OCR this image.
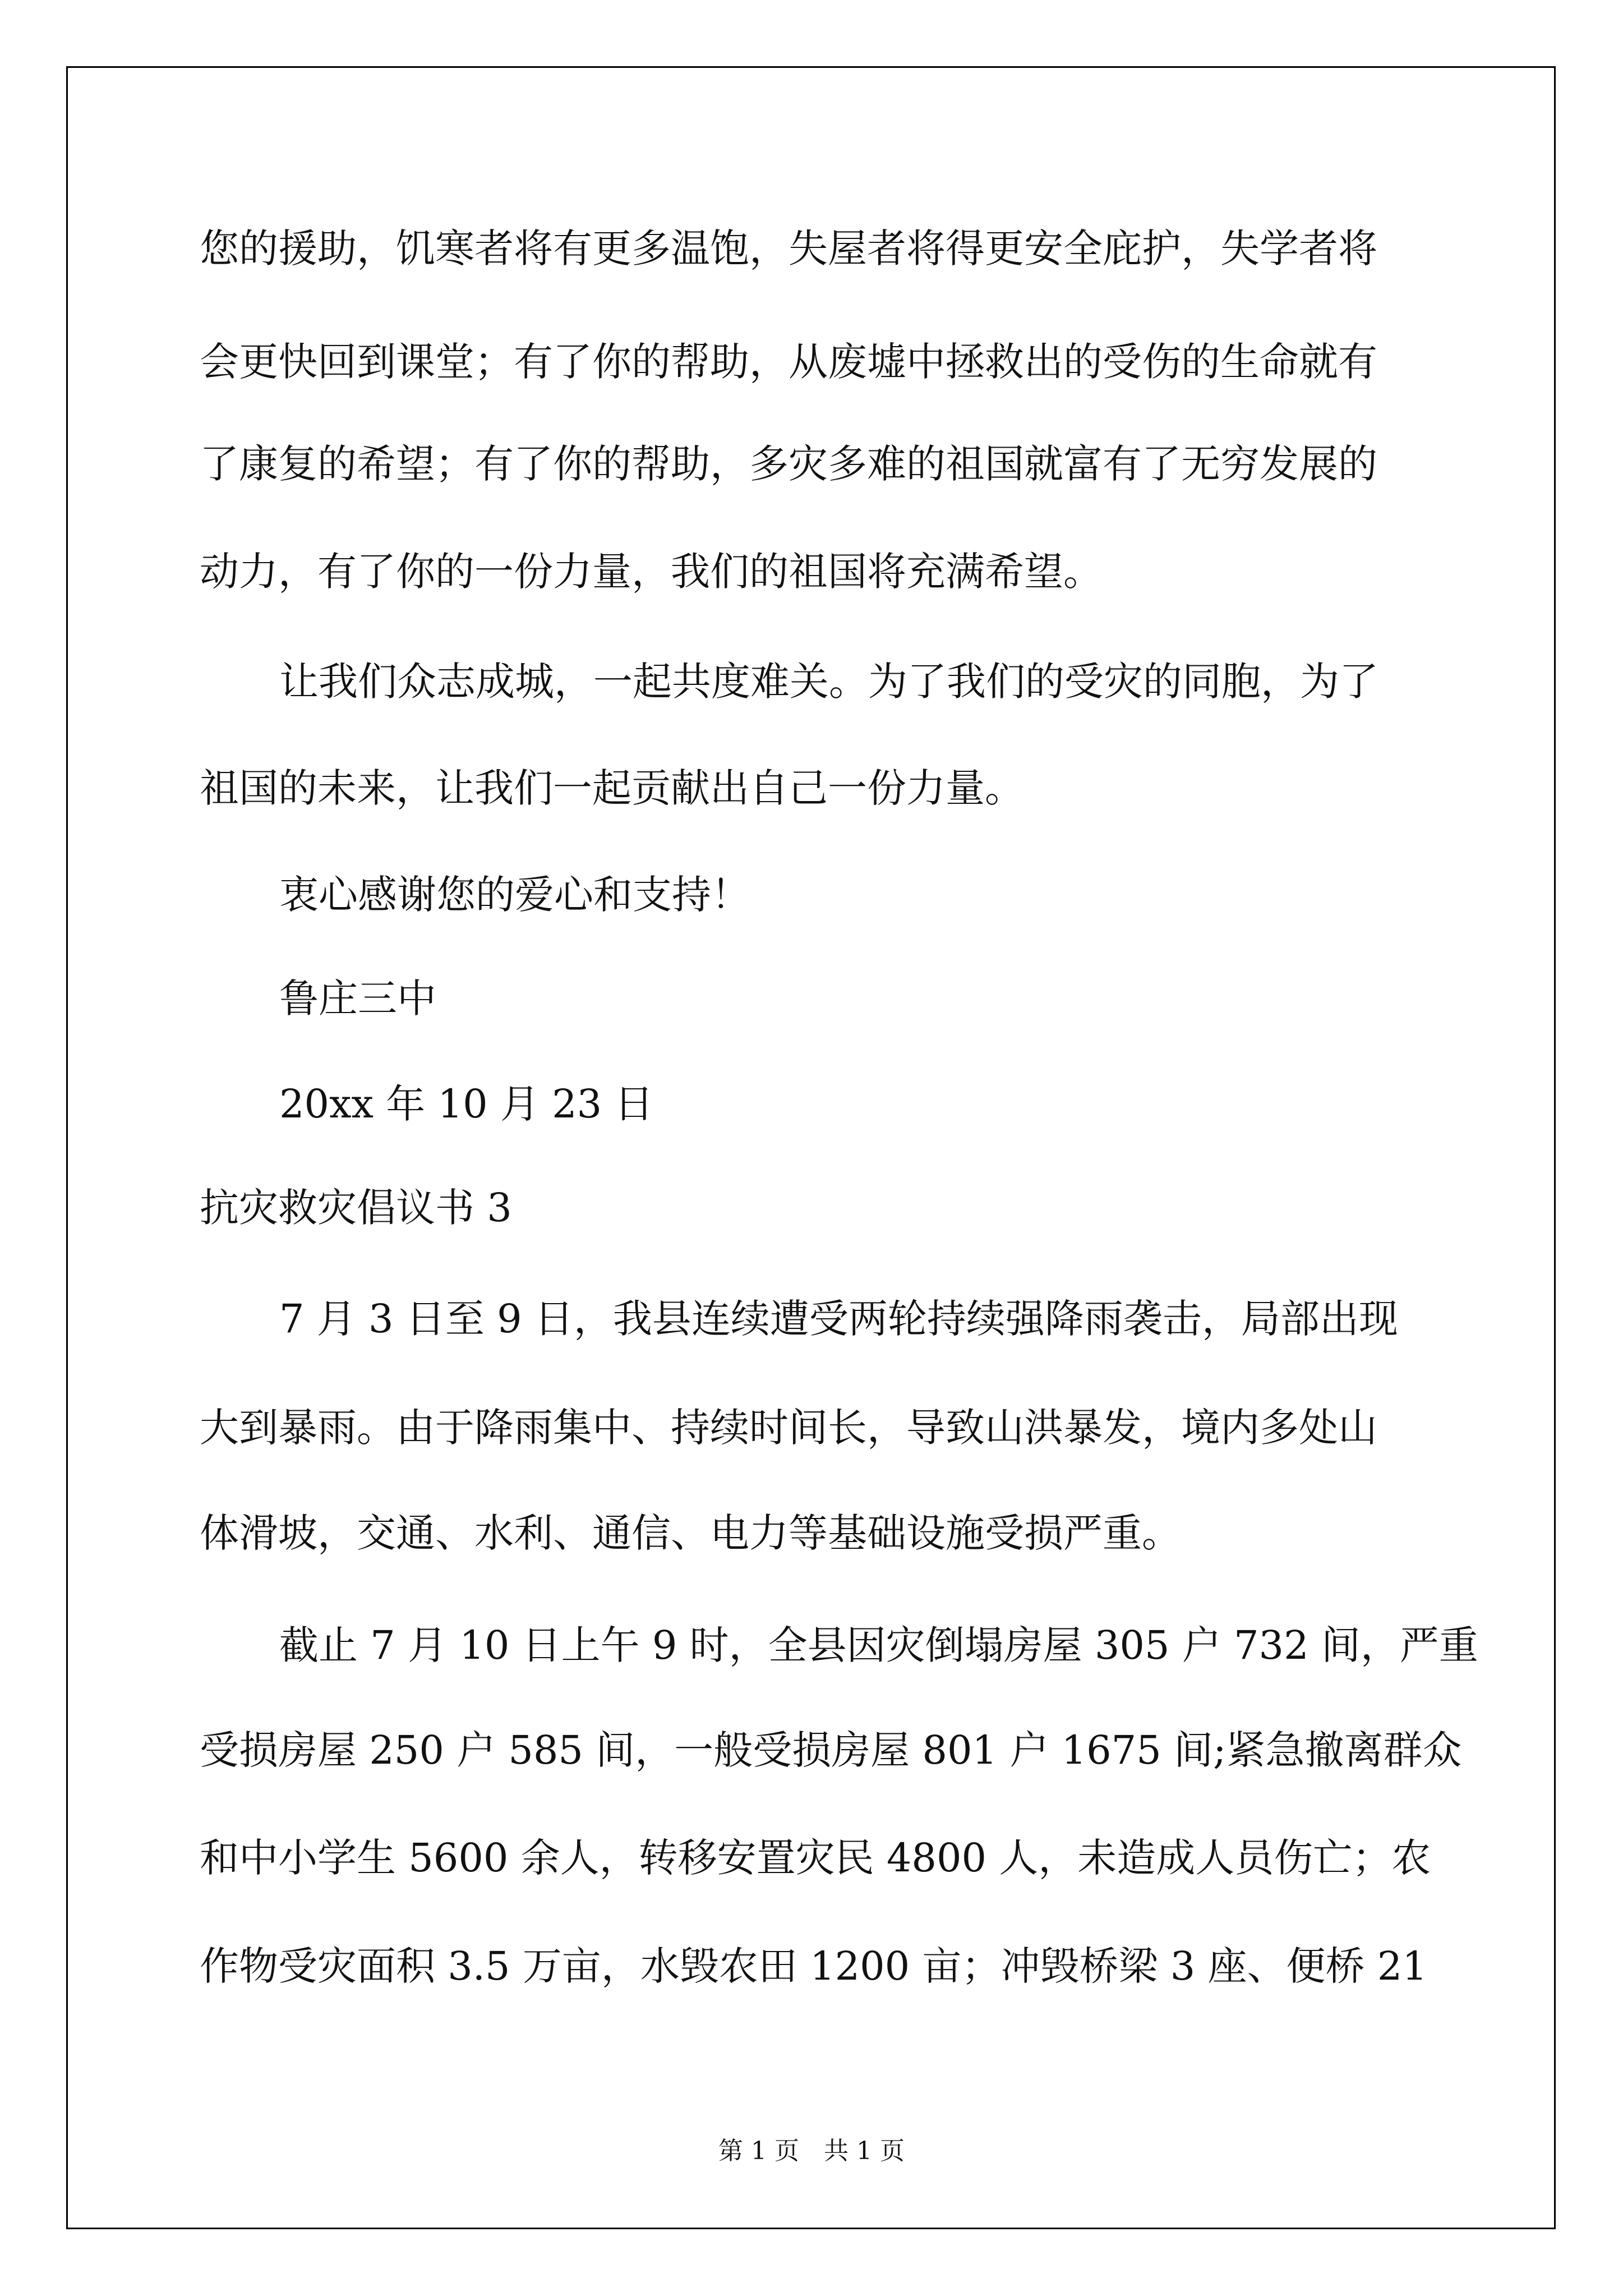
您的援助，饥寒者将有更多温饱，失屋者将得更安全庇护，失学者将
会更快回到课堂；有了你的帮助，从废墟中拯救出的受伤的生命就有
了康复的希望；有了你的帮助，多灾多难的祖国就富有了无穷发展的
动力，有了你的一份力量，我们的祖国将充满希望。
让我们众志成城，一起共度难关。为了我们的受灾的同胞，为了
祖国的未来，让我们一起贡献出自己一份力量。
衷心感谢您的爱心和支持！
鲁庄三中
20xx 年 10 月 23 日
抗灾救灾倡议书 3
7 月 3 日至 9 日，我县连续遭受两轮持续强降雨袭击，局部出现
大到暴雨。由于降雨集中、持续时间长，导致山洪暴发，境内多处山
体滑坡，交通、水利、通信、电力等基础设施受损严重。
截止 7 月 10 日上午 9 时，全县因灾倒塌房屋 305 户 732 间，严重
受损房屋 250 户 585 间，一般受损房屋 801 户 1675 间;紧急撤离群众
和中小学生 5600 余人，转移安置灾民 4800 人，未造成人员伤亡；农
作物受灾面积 3.5 万亩，水毁农田 1200 亩；冲毁桥梁 3 座、便桥 21
第 1 页 共 1 页
